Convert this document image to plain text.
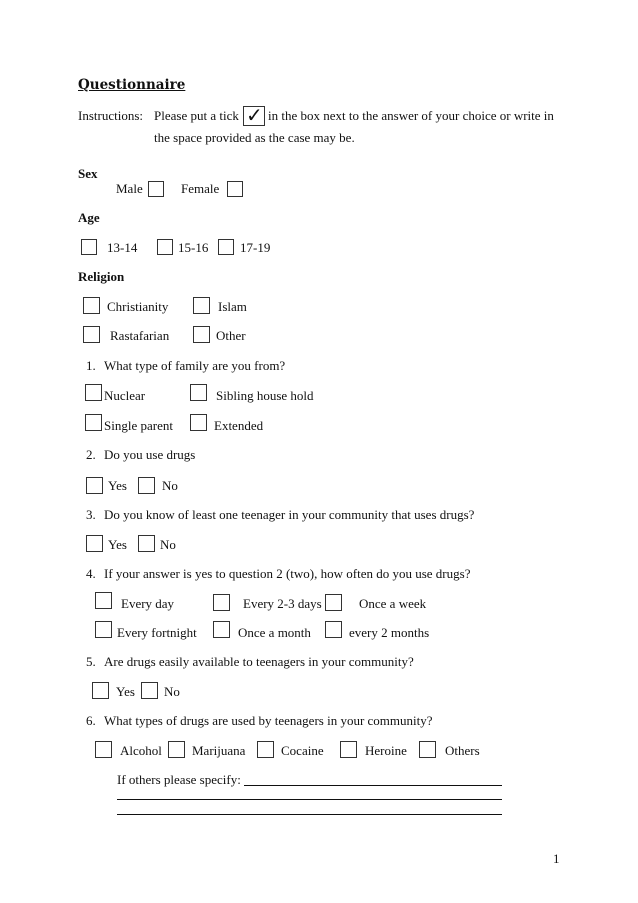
Questionnaire
Instructions: Please put a tick ✓ in the box next to the answer of your choice or write in
the space provided as the case may be.
Sex
Male	Female
Age
13-14	15-16 17-19
Religion
Christianity	Islam
Rastafarian	Other
1. What type of family are you from?
Nuclear	Sibling house hold
Single parent	Extended
2. Do you use drugs
Yes	No
3. Do you know of least one teenager in your community that uses drugs?
Yes	No
4. If your answer is yes to question 2 (two), how often do you use drugs?
Every day	Every 2-3 days	Once a week
Every fortnight	Once a month	every 2 months
5. Are drugs easily available to teenagers in your community?
Yes No
6. What types of drugs are used by teenagers in your community?
Alcohol Marijuana	Cocaine	Heroine	Others
If others please specify:
1
